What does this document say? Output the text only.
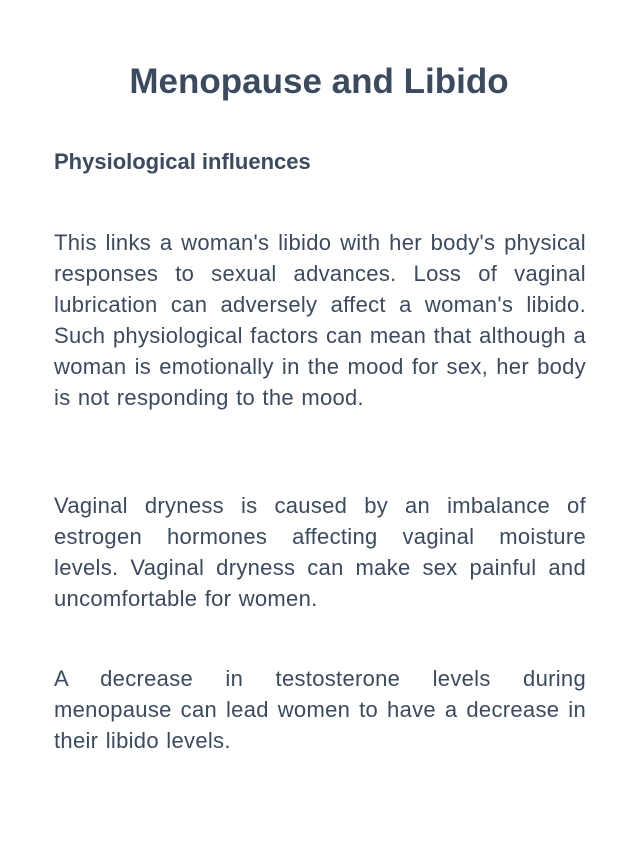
Menopause and Libido
Physiological influences

This links a woman's libido with her body's physical responses to sexual advances. Loss of vaginal lubrication can adversely affect a woman's libido. Such physiological factors can mean that although a woman is emotionally in the mood for sex, her body is not responding to the mood.

Vaginal dryness is caused by an imbalance of estrogen hormones affecting vaginal moisture levels. Vaginal dryness can make sex painful and uncomfortable for women.

A decrease in testosterone levels during menopause can lead women to have a decrease in their libido levels.
